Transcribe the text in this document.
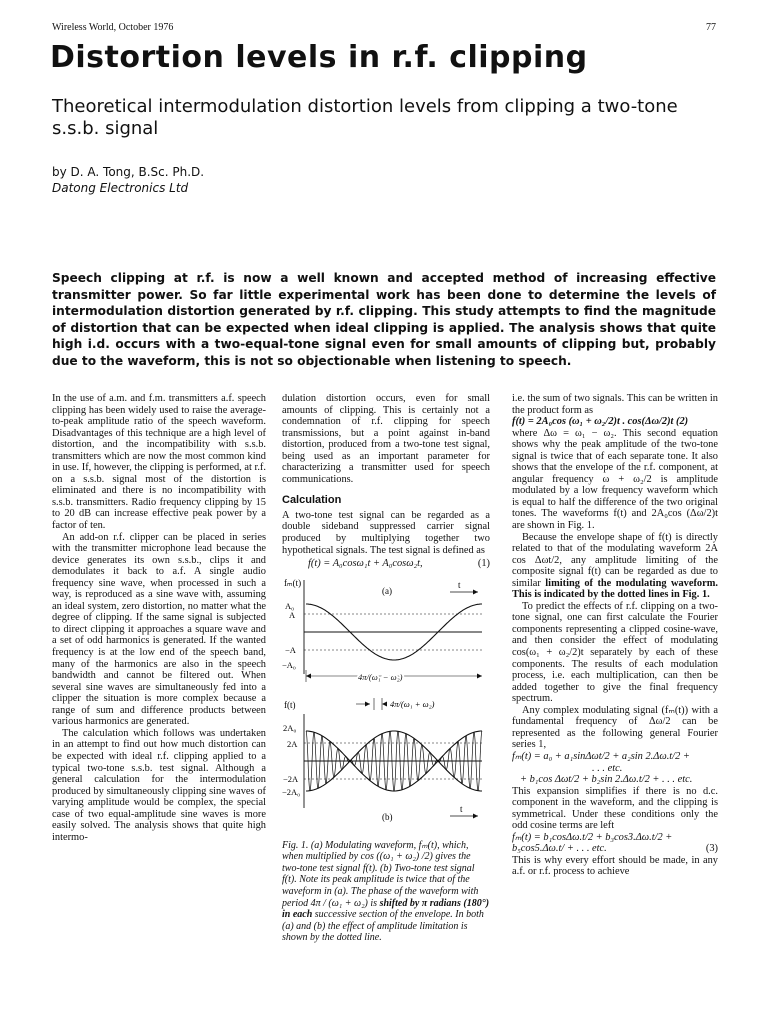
Wireless World, October 1976	77
Distortion levels in r.f. clipping
Theoretical intermodulation distortion levels from clipping a two-tone s.s.b. signal
by D. A. Tong, B.Sc. Ph.D.
Datong Electronics Ltd
Speech clipping at r.f. is now a well known and accepted method of increasing effective transmitter power. So far little experimental work has been done to determine the levels of intermodulation distortion generated by r.f. clipping. This study attempts to find the magnitude of distortion that can be expected when ideal clipping is applied. The analysis shows that quite high i.d. occurs with a two-equal-tone signal even for small amounts of clipping but, probably due to the waveform, this is not so objectionable when listening to speech.

In the use of a.m. and f.m. transmitters a.f. speech clipping has been widely used to raise the average-to-peak amplitude ratio of the speech waveform. Disadvantages of this technique are a high level of distortion, and the incompatibility with s.s.b. transmitters which are now the most common kind in use. If, however, the clipping is performed, at r.f. on a s.s.b. signal most of the distortion is eliminated and there is no incompatibility with s.s.b. transmitters. Radio frequency clipping by 15 to 20 dB can increase effective peak power by a factor of ten.

An add-on r.f. clipper can be placed in series with the transmitter microphone lead because the device generates its own s.s.b., clips it and demodulates it back to a.f. A single audio frequency sine wave, when processed in such a way, is reproduced as a sine wave with, assuming an ideal system, zero distortion, no matter what the degree of clipping. If the same signal is subjected to direct clipping it approaches a square wave and a set of odd harmonics is generated. If the wanted frequency is at the low end of the speech band, many of the harmonics are also in the speech bandwidth and cannot be filtered out. When several sine waves are simultaneously fed into a clipper the situation is more complex because a range of sum and difference products between various harmonics are generated.

The calculation which follows was undertaken in an attempt to find out how much distortion can be expected with ideal r.f. clipping applied to a typical two-tone s.s.b. test signal. Although a general calculation for the intermodulation produced by simultaneously clipping sine waves of varying amplitude would be complex, the special case of two equal-amplitude sine waves is more easily solved. The analysis shows that quite high intermo-

dulation distortion occurs, even for small amounts of clipping. This is certainly not a condemnation of r.f. clipping for speech transmissions, but a point against in-band distortion, produced from a two-tone test signal, being used as an important parameter for characterizing a transmitter used for speech communications.

Calculation

A two-tone test signal can be regarded as a double sideband suppressed carrier signal produced by multiplying together two hypothetical signals. The test signal is defined as

f(t) = A₀cosω₁t + A₀cosω₂t,	(1)
fₘ(t)
(a)
t
A₀
A
−A
−A₀
4π/(ω₁ − ω₂)
f(t)	4π/(ω₁ + ω₂)
2A₀
2A
−2A
−2A₀
(b)
t
Fig. 1. (a) Modulating waveform, fₘ(t), which, when multiplied by cos ((ω₁ + ω₂) /2) gives the two-tone test signal f(t). (b) Two-tone test signal f(t). Note its peak amplitude is twice that of the waveform in (a). The phase of the waveform with period 4π / (ω₁ + ω₂) is shifted by π radians (180°) in each successive section of the envelope. In both (a) and (b) the effect of amplitude limitation is shown by the dotted line.

i.e. the sum of two signals. This can be written in the product form as

f(t) = 2A₀cos (ω₁ + ω₂/2)t . cos(Δω/2)t (2)

where Δω = ω₁ − ω₂. This second equation shows why the peak amplitude of the two-tone signal is twice that of each separate tone. It also shows that the envelope of the r.f. component, at angular frequency ω + ω₂/2 is amplitude modulated by a low frequency waveform which is equal to half the difference of the two original tones. The waveforms f(t) and 2A₀cos (Δω/2)t are shown in Fig. 1.

Because the envelope shape of f(t) is directly related to that of the modulating waveform 2A cos Δωt/2, any amplitude limiting of the composite signal f(t) can be regarded as due to similar limiting of the modulating waveform. This is indicated by the dotted lines in Fig. 1.

To predict the effects of r.f. clipping on a two-tone signal, one can first calculate the Fourier components representing a clipped cosine-wave, and then consider the effect of modulating cos(ω₁ + ω₂/2)t separately by each of these components. The results of each modulation process, i.e. each multiplication, can then be added together to give the final frequency spectrum.

Any complex modulating signal (fₘ(t)) with a fundamental frequency of Δω/2 can be represented as the following general Fourier series 1,

fₘ(t) = a₀ + a₁sinΔωt/2 + a₂sin 2.Δω.t/2 +

. . . etc.

+ b₁cos Δωt/2 + b₂sin 2.Δω.t/2 + . . . etc.

This expansion simplifies if there is no d.c. component in the waveform, and the clipping is symmetrical. Under these conditions only the odd cosine terms are left

fₘ(t) = b₁cosΔω.t/2 + b₃cos3.Δω.t/2 +

b₅cos5.Δω.t/ + . . . etc.	(3)

This is why every effort should be made, in any a.f. or r.f. process to achieve
